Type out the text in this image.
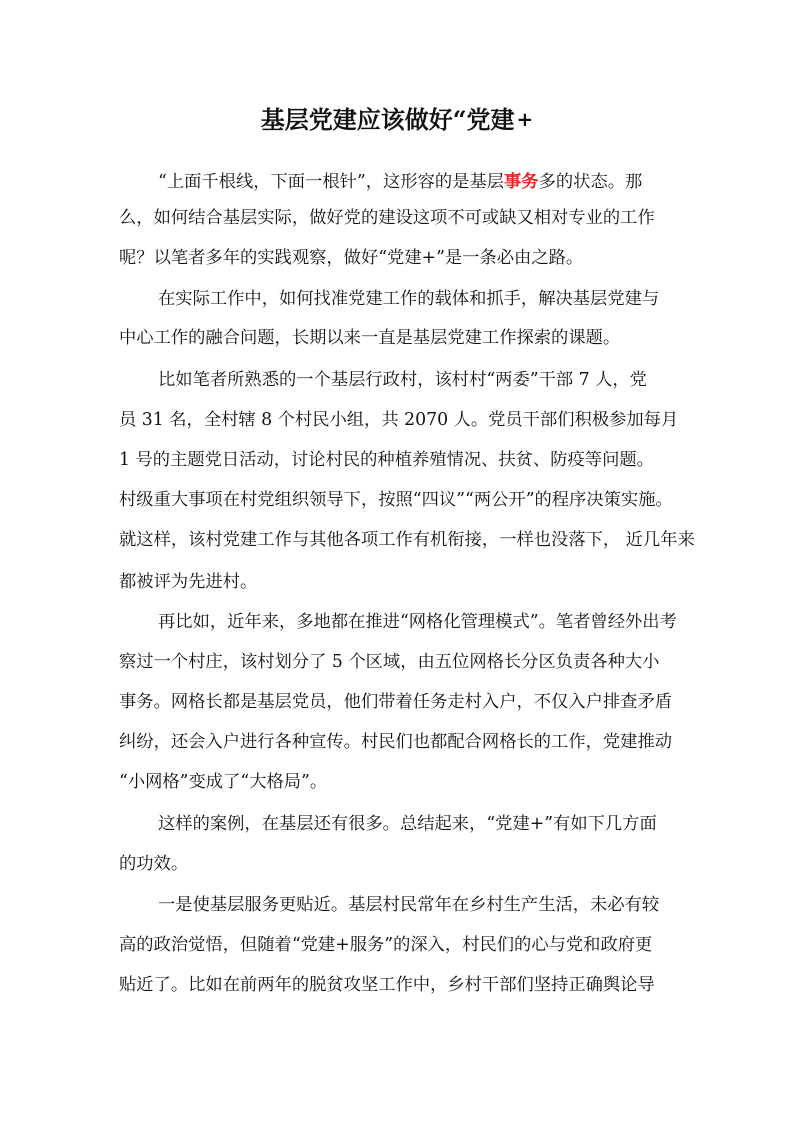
基层党建应该做好“党建 +
“上面千根线，下面一根针”，这形容的是基层事务多的状态。那
么，如何结合基层实际，做好党的建设这项不可或缺又相对专业的工作
呢？以笔者多年的实践观察，做好“党建+”是一条必由之路。
在实际工作中，如何找准党建工作的载体和抓手，解决基层党建与
中心工作的融合问题，长期以来一直是基层党建工作探索的课题。
比如笔者所熟悉的一个基层行政村，该村村“两委”干部 7 人，党
员 31 名，全村辖 8 个村民小组，共 2070 人。党员干部们积极参加每月
1 号的主题党日活动，讨论村民的种植养殖情况、扶贫、防疫等问题。
村级重大事项在村党组织领导下，按照“四议”“两公开”的程序决策实施。
就这样，该村党建工作与其他各项工作有机衔接，一样也没落下， 近几年来
都被评为先进村。
再比如，近年来，多地都在推进“网格化管理模式”。笔者曾经外出考
察过一个村庄，该村划分了 5 个区域，由五位网格长分区负责各种大小
事务。网格长都是基层党员，他们带着任务走村入户，不仅入户排查矛盾
纠纷，还会入户进行各种宣传。村民们也都配合网格长的工作，党建推动
“小网格”变成了“大格局”。
这样的案例，在基层还有很多。总结起来，“党建+”有如下几方面
的功效。
一是使基层服务更贴近。基层村民常年在乡村生产生活，未必有较
高的政治觉悟，但随着“党建+服务”的深入，村民们的心与党和政府更
贴近了。比如在前两年的脱贫攻坚工作中，乡村干部们坚持正确舆论导
